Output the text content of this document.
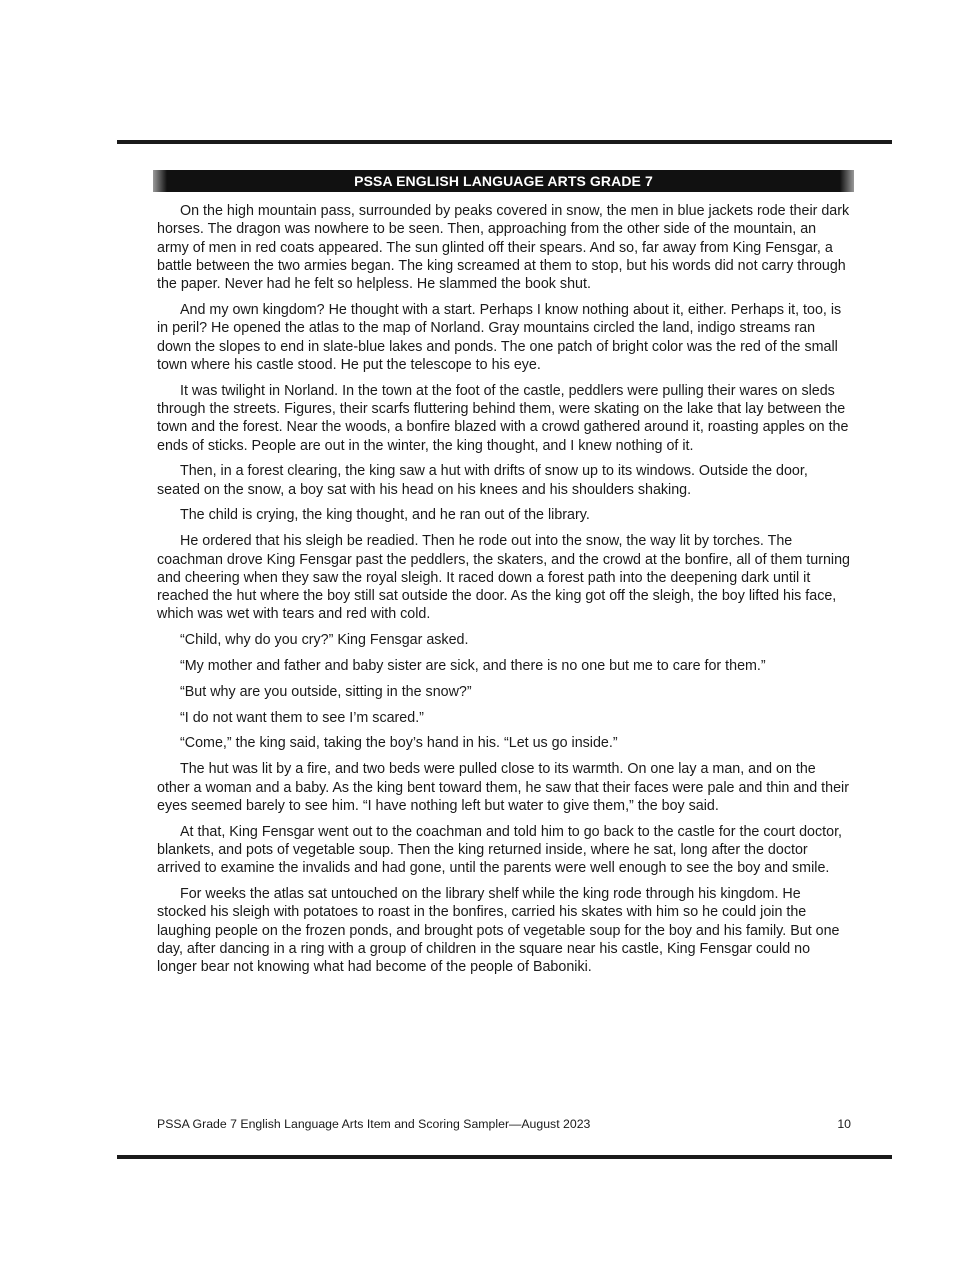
PSSA ENGLISH LANGUAGE ARTS GRADE 7

On the high mountain pass, surrounded by peaks covered in snow, the men in blue jackets rode their dark horses. The dragon was nowhere to be seen. Then, approaching from the other side of the mountain, an army of men in red coats appeared. The sun glinted off their spears. And so, far away from King Fensgar, a battle between the two armies began. The king screamed at them to stop, but his words did not carry through the paper. Never had he felt so helpless. He slammed the book shut.

And my own kingdom? He thought with a start. Perhaps I know nothing about it, either. Perhaps it, too, is in peril? He opened the atlas to the map of Norland. Gray mountains circled the land, indigo streams ran down the slopes to end in slate-blue lakes and ponds. The one patch of bright color was the red of the small town where his castle stood. He put the telescope to his eye.

It was twilight in Norland. In the town at the foot of the castle, peddlers were pulling their wares on sleds through the streets. Figures, their scarfs fluttering behind them, were skating on the lake that lay between the town and the forest. Near the woods, a bonfire blazed with a crowd gathered around it, roasting apples on the ends of sticks. People are out in the winter, the king thought, and I knew nothing of it.

Then, in a forest clearing, the king saw a hut with drifts of snow up to its windows. Outside the door, seated on the snow, a boy sat with his head on his knees and his shoulders shaking.

The child is crying, the king thought, and he ran out of the library.

He ordered that his sleigh be readied. Then he rode out into the snow, the way lit by torches. The coachman drove King Fensgar past the peddlers, the skaters, and the crowd at the bonfire, all of them turning and cheering when they saw the royal sleigh. It raced down a forest path into the deepening dark until it reached the hut where the boy still sat outside the door. As the king got off the sleigh, the boy lifted his face, which was wet with tears and red with cold.

“Child, why do you cry?” King Fensgar asked.

“My mother and father and baby sister are sick, and there is no one but me to care for them.”

“But why are you outside, sitting in the snow?”

“I do not want them to see I’m scared.”

“Come,” the king said, taking the boy’s hand in his. “Let us go inside.”

The hut was lit by a fire, and two beds were pulled close to its warmth. On one lay a man, and on the other a woman and a baby. As the king bent toward them, he saw that their faces were pale and thin and their eyes seemed barely to see him. “I have nothing left but water to give them,” the boy said.

At that, King Fensgar went out to the coachman and told him to go back to the castle for the court doctor, blankets, and pots of vegetable soup. Then the king returned inside, where he sat, long after the doctor arrived to examine the invalids and had gone, until the parents were well enough to see the boy and smile.

For weeks the atlas sat untouched on the library shelf while the king rode through his kingdom. He stocked his sleigh with potatoes to roast in the bonfires, carried his skates with him so he could join the laughing people on the frozen ponds, and brought pots of vegetable soup for the boy and his family. But one day, after dancing in a ring with a group of children in the square near his castle, King Fensgar could no longer bear not knowing what had become of the people of Baboniki.

PSSA Grade 7 English Language Arts Item and Scoring Sampler—August 2023	10
